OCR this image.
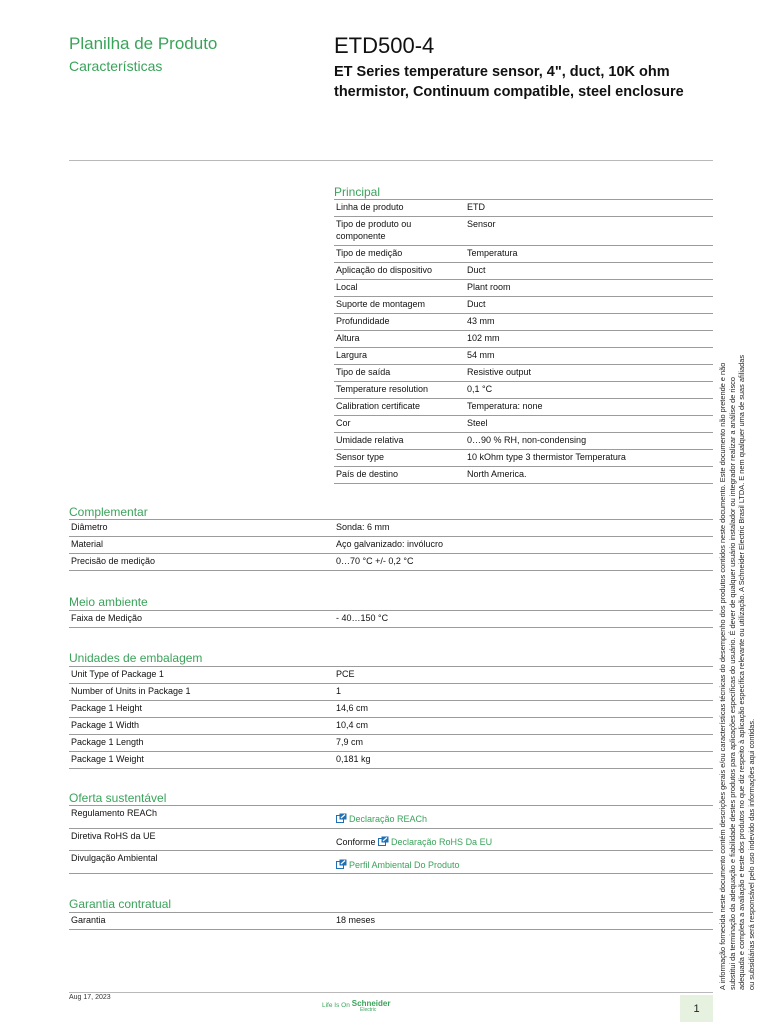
Planilha de Produto
Características
ETD500-4
ET Series temperature sensor, 4", duct, 10K ohm thermistor, Continuum compatible, steel enclosure
Principal
Linha de produto	ETD
Tipo de produto ou componente	Sensor
Tipo de medição	Temperatura
Aplicação do dispositivo	Duct
Local	Plant room
Suporte de montagem	Duct
Profundidade	43 mm
Altura	102 mm
Largura	54 mm
Tipo de saída	Resistive output
Temperature resolution	0,1 °C
Calibration certificate	Temperatura: none
Cor	Steel
Umidade relativa	0…90 % RH, non-condensing
Sensor type	10 kOhm type 3 thermistor Temperatura
País de destino	North America.
Complementar
Diâmetro	Sonda: 6 mm
Material	Aço galvanizado: invólucro
Precisão de medição	0…70 °C +/- 0,2 °C
Meio ambiente
Faixa de Medição	- 40…150 °C
Unidades de embalagem
Unit Type of Package 1	PCE
Number of Units in Package 1	1
Package 1 Height	14,6 cm
Package 1 Width	10,4 cm
Package 1 Length	7,9 cm
Package 1 Weight	0,181 kg
Oferta sustentável
Regulamento REACh	Declaração REACh
Diretiva RoHS da UE	Conforme Declaração RoHS Da EU
Divulgação Ambiental	Perfil Ambiental Do Produto
Garantia contratual
Garantia	18 meses	A informação fornecida neste documento contém descrições gerais e/ou características técnicas do desempenho dos produtos contidos neste documento. Este documento não pretende e não substitui da terminação da adequação e fiabilidade destes produtos para aplicações específicas do usuário. É dever de qualquer usuário instalador ou integrador realizar a análise de risco adequada e completa a avaliação e teste dos produtos no que diz respeito à aplicação específica relevante ou utilização. A Schneider Electric Brasil LTDA. E nem qualquer uma de suas afiliadas ou subsidiárias será responsável pelo uso indevido das informações aqui contidas.
Aug 17, 2023
Life Is On Schneider
Electric	1
